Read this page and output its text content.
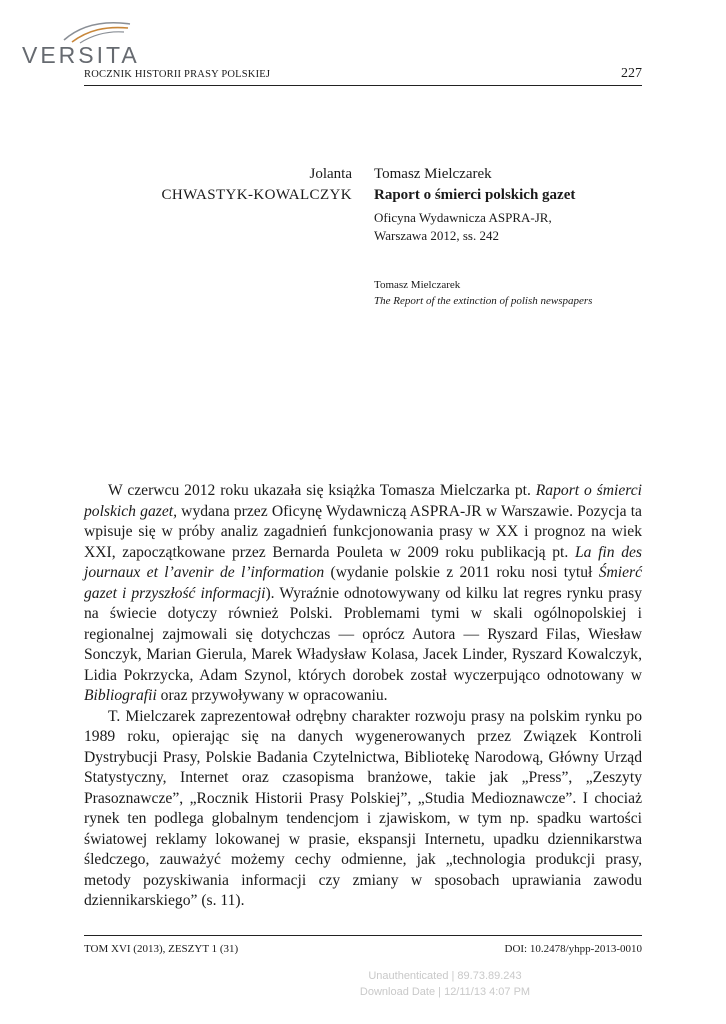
VERSITA
ROCZNIK HISTORII PRASY POLSKIEJ	227
Jolanta
CHWASTYK-KOWALCZYK
Tomasz Mielczarek
Raport o śmierci polskich gazet
Oficyna Wydawnicza ASPRA-JR,
Warszawa 2012, ss. 242
Tomasz Mielczarek
The Report of the extinction of polish newspapers

W czerwcu 2012 roku ukazała się książka Tomasza Mielczarka pt. Raport o śmierci polskich gazet, wydana przez Oficynę Wydawniczą ASPRA-JR w Warszawie. Pozycja ta wpisuje się w próby analiz zagadnień funkcjonowania prasy w XX i prognoz na wiek XXI, zapoczątkowane przez Bernarda Pouleta w 2009 roku publikacją pt. La fin des journaux et l’avenir de l’information (wydanie polskie z 2011 roku nosi tytuł Śmierć gazet i przyszłość informacji). Wyraźnie odnotowywany od kilku lat regres rynku prasy na świecie dotyczy również Polski. Problemami tymi w skali ogólnopolskiej i regionalnej zajmowali się dotychczas — oprócz Autora — Ryszard Filas, Wiesław Sonczyk, Marian Gierula, Marek Władysław Kolasa, Jacek Linder, Ryszard Kowalczyk, Lidia Pokrzycka, Adam Szynol, których dorobek został wyczerpująco odnotowany w Bibliografii oraz przywoływany w opracowaniu.

T. Mielczarek zaprezentował odrębny charakter rozwoju prasy na polskim rynku po 1989 roku, opierając się na danych wygenerowanych przez Związek Kontroli Dystrybucji Prasy, Polskie Badania Czytelnictwa, Bibliotekę Narodową, Główny Urząd Statystyczny, Internet oraz czasopisma branżowe, takie jak „Press”, „Zeszyty Prasoznawcze”, „Rocznik Historii Prasy Polskiej”, „Studia Medioznawcze”. I chociaż rynek ten podlega globalnym tendencjom i zjawiskom, w tym np. spadku wartości światowej reklamy lokowanej w prasie, ekspansji Internetu, upadku dziennikarstwa śledczego, zauważyć możemy cechy odmienne, jak „technologia produkcji prasy, metody pozyskiwania informacji czy zmiany w sposobach uprawiania zawodu dziennikarskiego” (s. 11).

TOM XVI (2013), ZESZYT 1 (31)	DOI: 10.2478/yhpp-2013-0010
Unauthenticated | 89.73.89.243
Download Date | 12/11/13 4:07 PM
